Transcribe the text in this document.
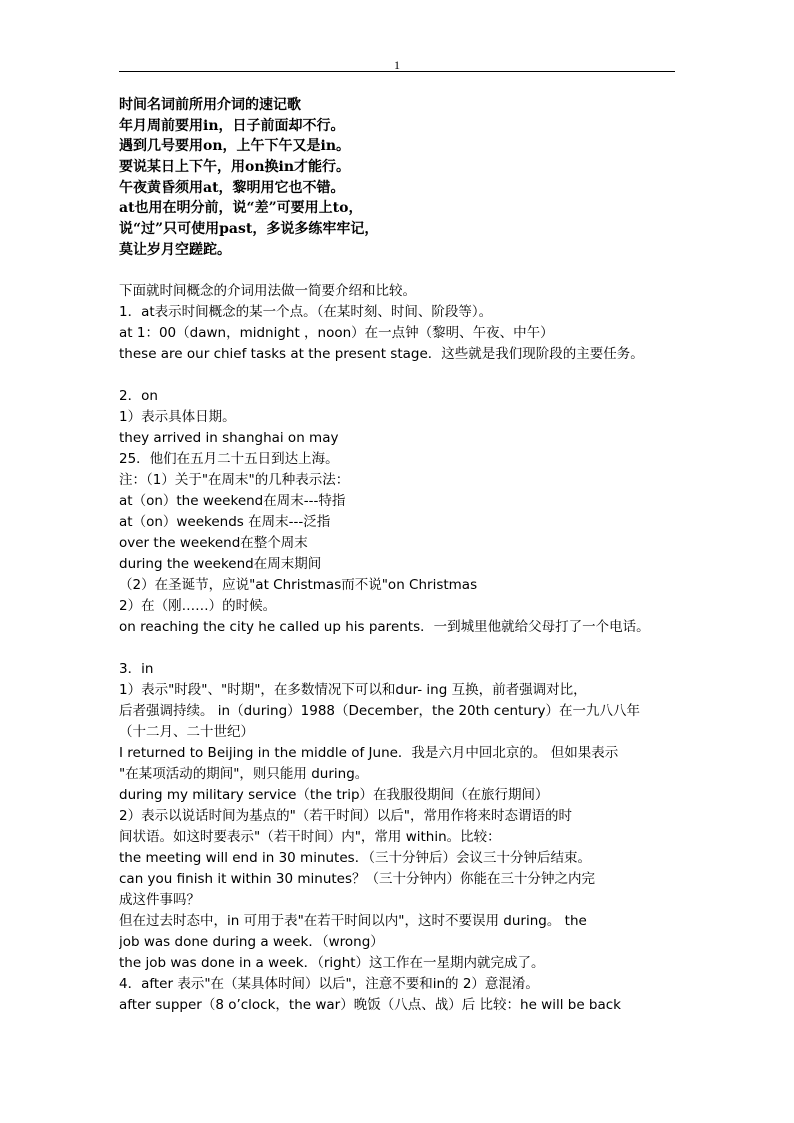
1
时间名词前所用介词的速记歌
年月周前要用in，日子前面却不行。
遇到几号要用on，上午下午又是in。
要说某日上下午，用on换in才能行。
午夜黄昏须用at，黎明用它也不错。
at也用在明分前，说“差”可要用上to，
说“过”只可使用past，多说多练牢牢记，
莫让岁月空蹉跎。
下面就时间概念的介词用法做一简要介绍和比较。
1．at表示时间概念的某一个点。（在某时刻、时间、阶段等）。
at 1：00（dawn，midnight ，noon）在一点钟（黎明、午夜、中午）
these are our chief tasks at the present stage．这些就是我们现阶段的主要任务。
2．on
1）表示具体日期。
they arrived in shanghai on may
25．他们在五月二十五日到达上海。
注：（1）关于"在周末"的几种表示法：
at（on）the weekend在周末---特指
at（on）weekends 在周末---泛指
over the weekend在整个周末
during the weekend在周末期间
（2）在圣诞节，应说"at Christmas而不说"on Christmas
2）在（刚……）的时候。
on reaching the city he called up his parents．一到城里他就给父母打了一个电话。
3．in
1）表示"时段"、"时期"，在多数情况下可以和dur- ing 互换，前者强调对比，
后者强调持续。 in（during）1988（December，the 20th century）在一九八八年
（十二月、二十世纪）
I returned to Beijing in the middle of June．我是六月中回北京的。 但如果表示
"在某项活动的期间"，则只能用 during。
during my military service（the trip）在我服役期间（在旅行期间）
2）表示以说话时间为基点的"（若干时间）以后"，常用作将来时态谓语的时
间状语。如这时要表示"（若干时间）内"，常用 within。比较：
the meeting will end in 30 minutes．（三十分钟后）会议三十分钟后结束。
can you finish it within 30 minutes？（三十分钟内）你能在三十分钟之内完
成这件事吗？
但在过去时态中，in 可用于表"在若干时间以内"，这时不要误用 during。 the
job was done during a week．（wrong）
the job was done in a week．（right）这工作在一星期内就完成了。
4．after 表示"在（某具体时间）以后"，注意不要和in的 2）意混淆。
after supper（8 o’clock，the war）晚饭（八点、战）后 比较：he will be back
